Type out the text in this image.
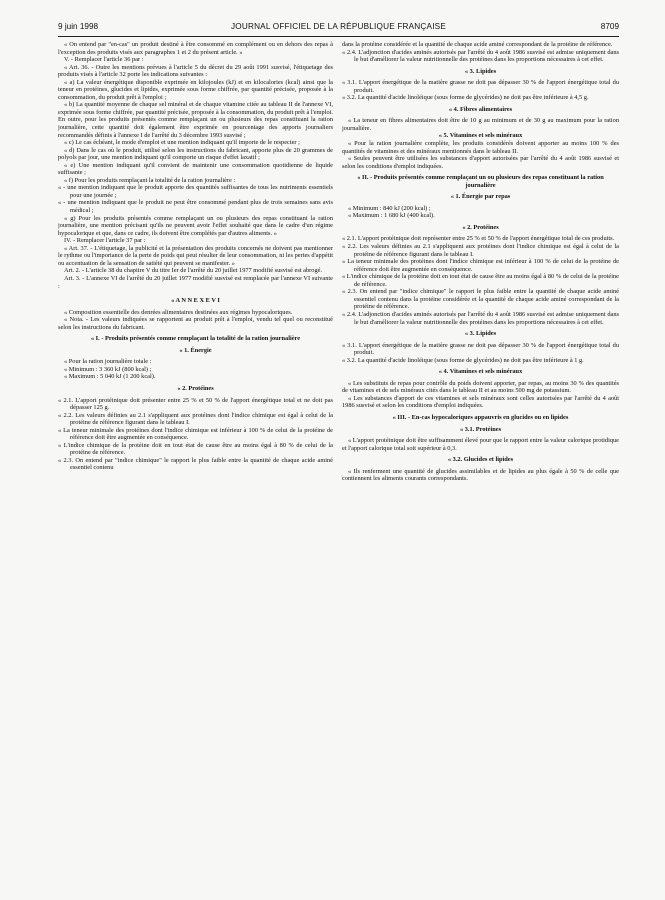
9 juin 1998	JOURNAL OFFICIEL DE LA RÉPUBLIQUE FRANÇAISE	8709

« On entend par "en-cas" un produit destiné à être consommé en complément ou en dehors des repas à l'exception des produits visés aux paragraphes 1 et 2 du présent article. »

V. - Remplacer l'article 36 par :

« Art. 36. - Outre les mentions prévues à l'article 5 du décret du 29 août 1991 susvisé, l'étiquetage des produits visés à l'article 32 porte les indications suivantes :

« a) La valeur énergétique disponible exprimée en kilojoules (kJ) et en kilocalories (kcal) ainsi que la teneur en protéines, glucides et lipides, exprimée sous forme chiffrée, par quantité précisée, proposée à la consommation, du produit prêt à l'emploi ;

« b) La quantité moyenne de chaque sel minéral et de chaque vitamine citée au tableau II de l'annexe VI, exprimée sous forme chiffrée, par quantité précisée, proposée à la consommation, du produit prêt à l'emploi. En outre, pour les produits présentés comme remplaçant un ou plusieurs des repas constituant la ration journalière, cette quantité doit également être exprimée en pourcentage des apports journaliers recommandés définis à l'annexe I de l'arrêté du 3 décembre 1993 susvisé ;

« c) Le cas échéant, le mode d'emploi et une mention indiquant qu'il importe de le respecter ;

« d) Dans le cas où le produit, utilisé selon les instructions du fabricant, apporte plus de 20 grammes de polyols par jour, une mention indiquant qu'il comporte un risque d'effet laxatif ;

« e) Une mention indiquant qu'il convient de maintenir une consommation quotidienne de liquide suffisante ;

« f) Pour les produits remplaçant la totalité de la ration journalière :

« - une mention indiquant que le produit apporte des quantités suffisantes de tous les nutriments essentiels pour une journée ;

« - une mention indiquant que le produit ne peut être consommé pendant plus de trois semaines sans avis médical ;

« g) Pour les produits présentés comme remplaçant un ou plusieurs des repas constituant la ration journalière, une mention précisant qu'ils ne peuvent avoir l'effet souhaité que dans le cadre d'un régime hypocalorique et que, dans ce cadre, ils doivent être complétés par d'autres aliments. »

IV. - Remplacer l'article 37 par :

« Art. 37. - L'étiquetage, la publicité et la présentation des produits concernés ne doivent pas mentionner le rythme ou l'importance de la perte de poids qui peut résulter de leur consommation, ni les pertes d'appétit ou accentuation de la sensation de satiété qui peuvent se manifester. »

Art. 2. - L'article 38 du chapitre V du titre Ier de l'arrêté du 20 juillet 1977 modifié susvisé est abrogé.

Art. 3. - L'annexe VI de l'arrêté du 20 juillet 1977 modifié susvisé est remplacée par l'annexe VI suivante :

« A N N E X E V I

« Composition essentielle des denrées alimentaires destinées aux régimes hypocaloriques.

« Nota. - Les valeurs indiquées se rapportent au produit prêt à l'emploi, vendu tel quel ou reconstitué selon les instructions du fabricant.

« I. - Produits présentés comme remplaçant la totalité de la ration journalière

« 1. Énergie

« Pour la ration journalière totale :

« Minimum : 3 360 kJ (800 kcal) ;

« Maximum : 5 040 kJ (1 200 kcal).

« 2. Protéines

« 2.1. L'apport protéinique doit présenter entre 25 % et 50 % de l'apport énergétique total et ne doit pas dépasser 125 g.

« 2.2. Les valeurs définies au 2.1 s'appliquent aux protéines dont l'indice chimique est égal à celui de la protéine de référence figurant dans le tableau I.

« La teneur minimale des protéines dont l'indice chimique est inférieur à 100 % de celui de la protéine de référence doit être augmentée en conséquence.

« L'indice chimique de la protéine doit en tout état de cause être au moins égal à 80 % de celui de la protéine de référence.

« 2.3. On entend par "indice chimique" le rapport le plus faible entre la quantité de chaque acide aminé essentiel contenu

dans la protéine considérée et la quantité de chaque acide aminé correspondant de la protéine de référence.

« 2.4. L'adjonction d'acides aminés autorisés par l'arrêté du 4 août 1986 susvisé est admise uniquement dans le but d'améliorer la valeur nutritionnelle des protéines dans les proportions nécessaires à cet effet.

« 3. Lipides

« 3.1. L'apport énergétique de la matière grasse ne doit pas dépasser 30 % de l'apport énergétique total du produit.

« 3.2. La quantité d'acide linoléique (sous forme de glycérides) ne doit pas être inférieure à 4,5 g.

« 4. Fibres alimentaires

« La teneur en fibres alimentaires doit être de 10 g au minimum et de 30 g au maximum pour la ration journalière.

« 5. Vitamines et sels minéraux

« Pour la ration journalière complète, les produits considérés doivent apporter au moins 100 % des quantités de vitamines et des minéraux mentionnés dans le tableau II.

« Seules peuvent être utilisées les substances d'apport autorisées par l'arrêté du 4 août 1986 susvisé et selon les conditions d'emploi indiquées.

« II. - Produits présentés comme remplaçant un ou plusieurs des repas constituant la ration journalière

« 1. Énergie par repas

« Minimum : 840 kJ (200 kcal) ;

« Maximum : 1 680 kJ (400 kcal).

« 2. Protéines

« 2.1. L'apport protéinique doit représenter entre 25 % et 50 % de l'apport énergétique total de ces produits.

« 2.2. Les valeurs définies au 2.1 s'appliquent aux protéines dont l'indice chimique est égal à celui de la protéine de référence figurant dans le tableau I.

« La teneur minimale des protéines dont l'indice chimique est inférieur à 100 % de celui de la protéine de référence doit être augmentée en conséquence.

« L'indice chimique de la protéine doit en tout état de cause être au moins égal à 80 % de celui de la protéine de référence.

« 2.3. On entend par "indice chimique" le rapport le plus faible entre la quantité de chaque acide aminé essentiel contenu dans la protéine considérée et la quantité de chaque acide aminé correspondant de la protéine de référence.

« 2.4. L'adjonction d'acides aminés autorisés par l'arrêté du 4 août 1986 susvisé est admise uniquement dans le but d'améliorer la valeur nutritionnelle des protéines dans les proportions nécessaires à cet effet.

« 3. Lipides

« 3.1. L'apport énergétique de la matière grasse ne doit pas dépasser 30 % de l'apport énergétique total du produit.

« 3.2. La quantité d'acide linoléique (sous forme de glycérides) ne doit pas être inférieure à 1 g.

« 4. Vitamines et sels minéraux

« Les substituts de repas pour contrôle du poids doivent apporter, par repas, au moins 30 % des quantités de vitamines et de sels minéraux cités dans le tableau II et au moins 500 mg de potassium.

« Les substances d'apport de ces vitamines et sels minéraux sont celles autorisées par l'arrêté du 4 août 1986 susvisé et selon les conditions d'emploi indiquées.

« III. - En-cas hypocaloriques appauvris en glucides ou en lipides

« 3.1. Protéines

« L'apport protéinique doit être suffisamment élevé pour que le rapport entre la valeur calorique protidique et l'apport calorique total soit supérieur à 0,3.

« 3.2. Glucides et lipides

« Ils renferment une quantité de glucides assimilables et de lipides au plus égale à 50 % de celle que contiennent les aliments courants correspondants.
